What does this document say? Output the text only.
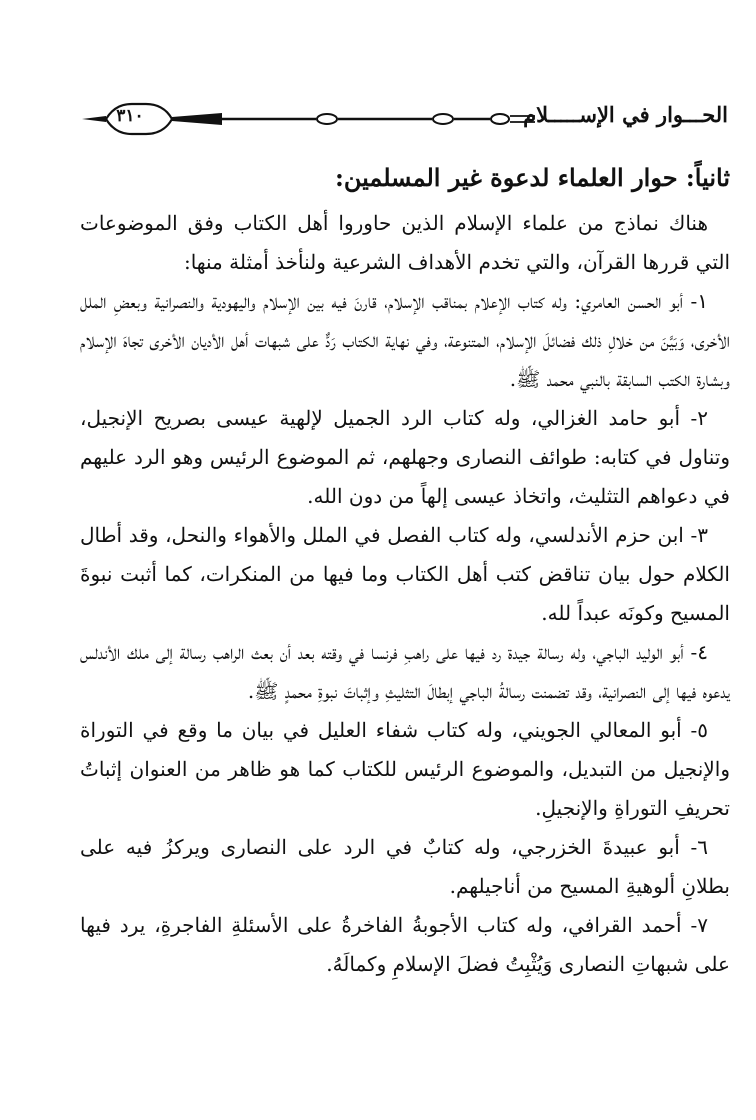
٣١٠	الحـــوار في الإســـــلام
ثانياً: حوار العلماء لدعوة غير المسلمين:

هناك نماذج من علماء الإسلام الذين حاوروا أهل الكتاب وفق الموضوعات التي قررها القرآن، والتي تخدم الأهداف الشرعية ولنأخذ أمثلة منها:

١- أبو الحسن العامري: وله كتاب الإعلام بمناقب الإسلام، قارنَ فيه بين الإسلام واليهودية والنصرانية وبعضِ الملل الأخرى، وَبَيَّنَ من خلالِ ذلك فضائلَ الإسلام، المتنوعة، وفي نهاية الكتاب رَدٌّ على شبهات أهل الأديان الأخرى تجاهَ الإسلام وبشارة الكتب السابقة بالنبي محمد ﷺ.

٢- أبو حامد الغزالي، وله كتاب الرد الجميل لإلهية عيسى بصريح الإنجيل، وتناول في كتابه: طوائف النصارى وجهلهم، ثم الموضوع الرئيس وهو الرد عليهم في دعواهم التثليث، واتخاذ عيسى إلهاً من دون الله.

٣- ابن حزم الأندلسي، وله كتاب الفصل في الملل والأهواء والنحل، وقد أطال الكلام حول بيان تناقض كتب أهل الكتاب وما فيها من المنكرات، كما أثبت نبوةَ المسيح وكونَه عبداً لله.

٤- أبو الوليد الباجي، وله رسالة جيدة رد فيها على راهبِ فرنسا في وقته بعد أن بعث الراهب رسالة إلى ملك الأندلس يدعوه فيها إلى النصرانية، وقد تضمنت رسالةُ الباجي إبطالَ التثليثِ وإثباتَ نبوةِ محمدٍ ﷺ.

٥- أبو المعالي الجويني، وله كتاب شفاء العليل في بيان ما وقع في التوراة والإنجيل من التبديل، والموضوع الرئيس للكتاب كما هو ظاهر من العنوان إثباتُ تحريفِ التوراةِ والإنجيلِ.

٦- أبو عبيدةَ الخزرجي، وله كتابٌ في الرد على النصارى ويركزُ فيه على بطلانِ ألوهيةِ المسيح من أناجيلهم.

٧- أحمد القرافي، وله كتاب الأجوبةُ الفاخرةُ على الأسئلةِ الفاجرةِ، يرد فيها على شبهاتِ النصارى وَيُثْبِتُ فضلَ الإسلامِ وكمالَهُ.
